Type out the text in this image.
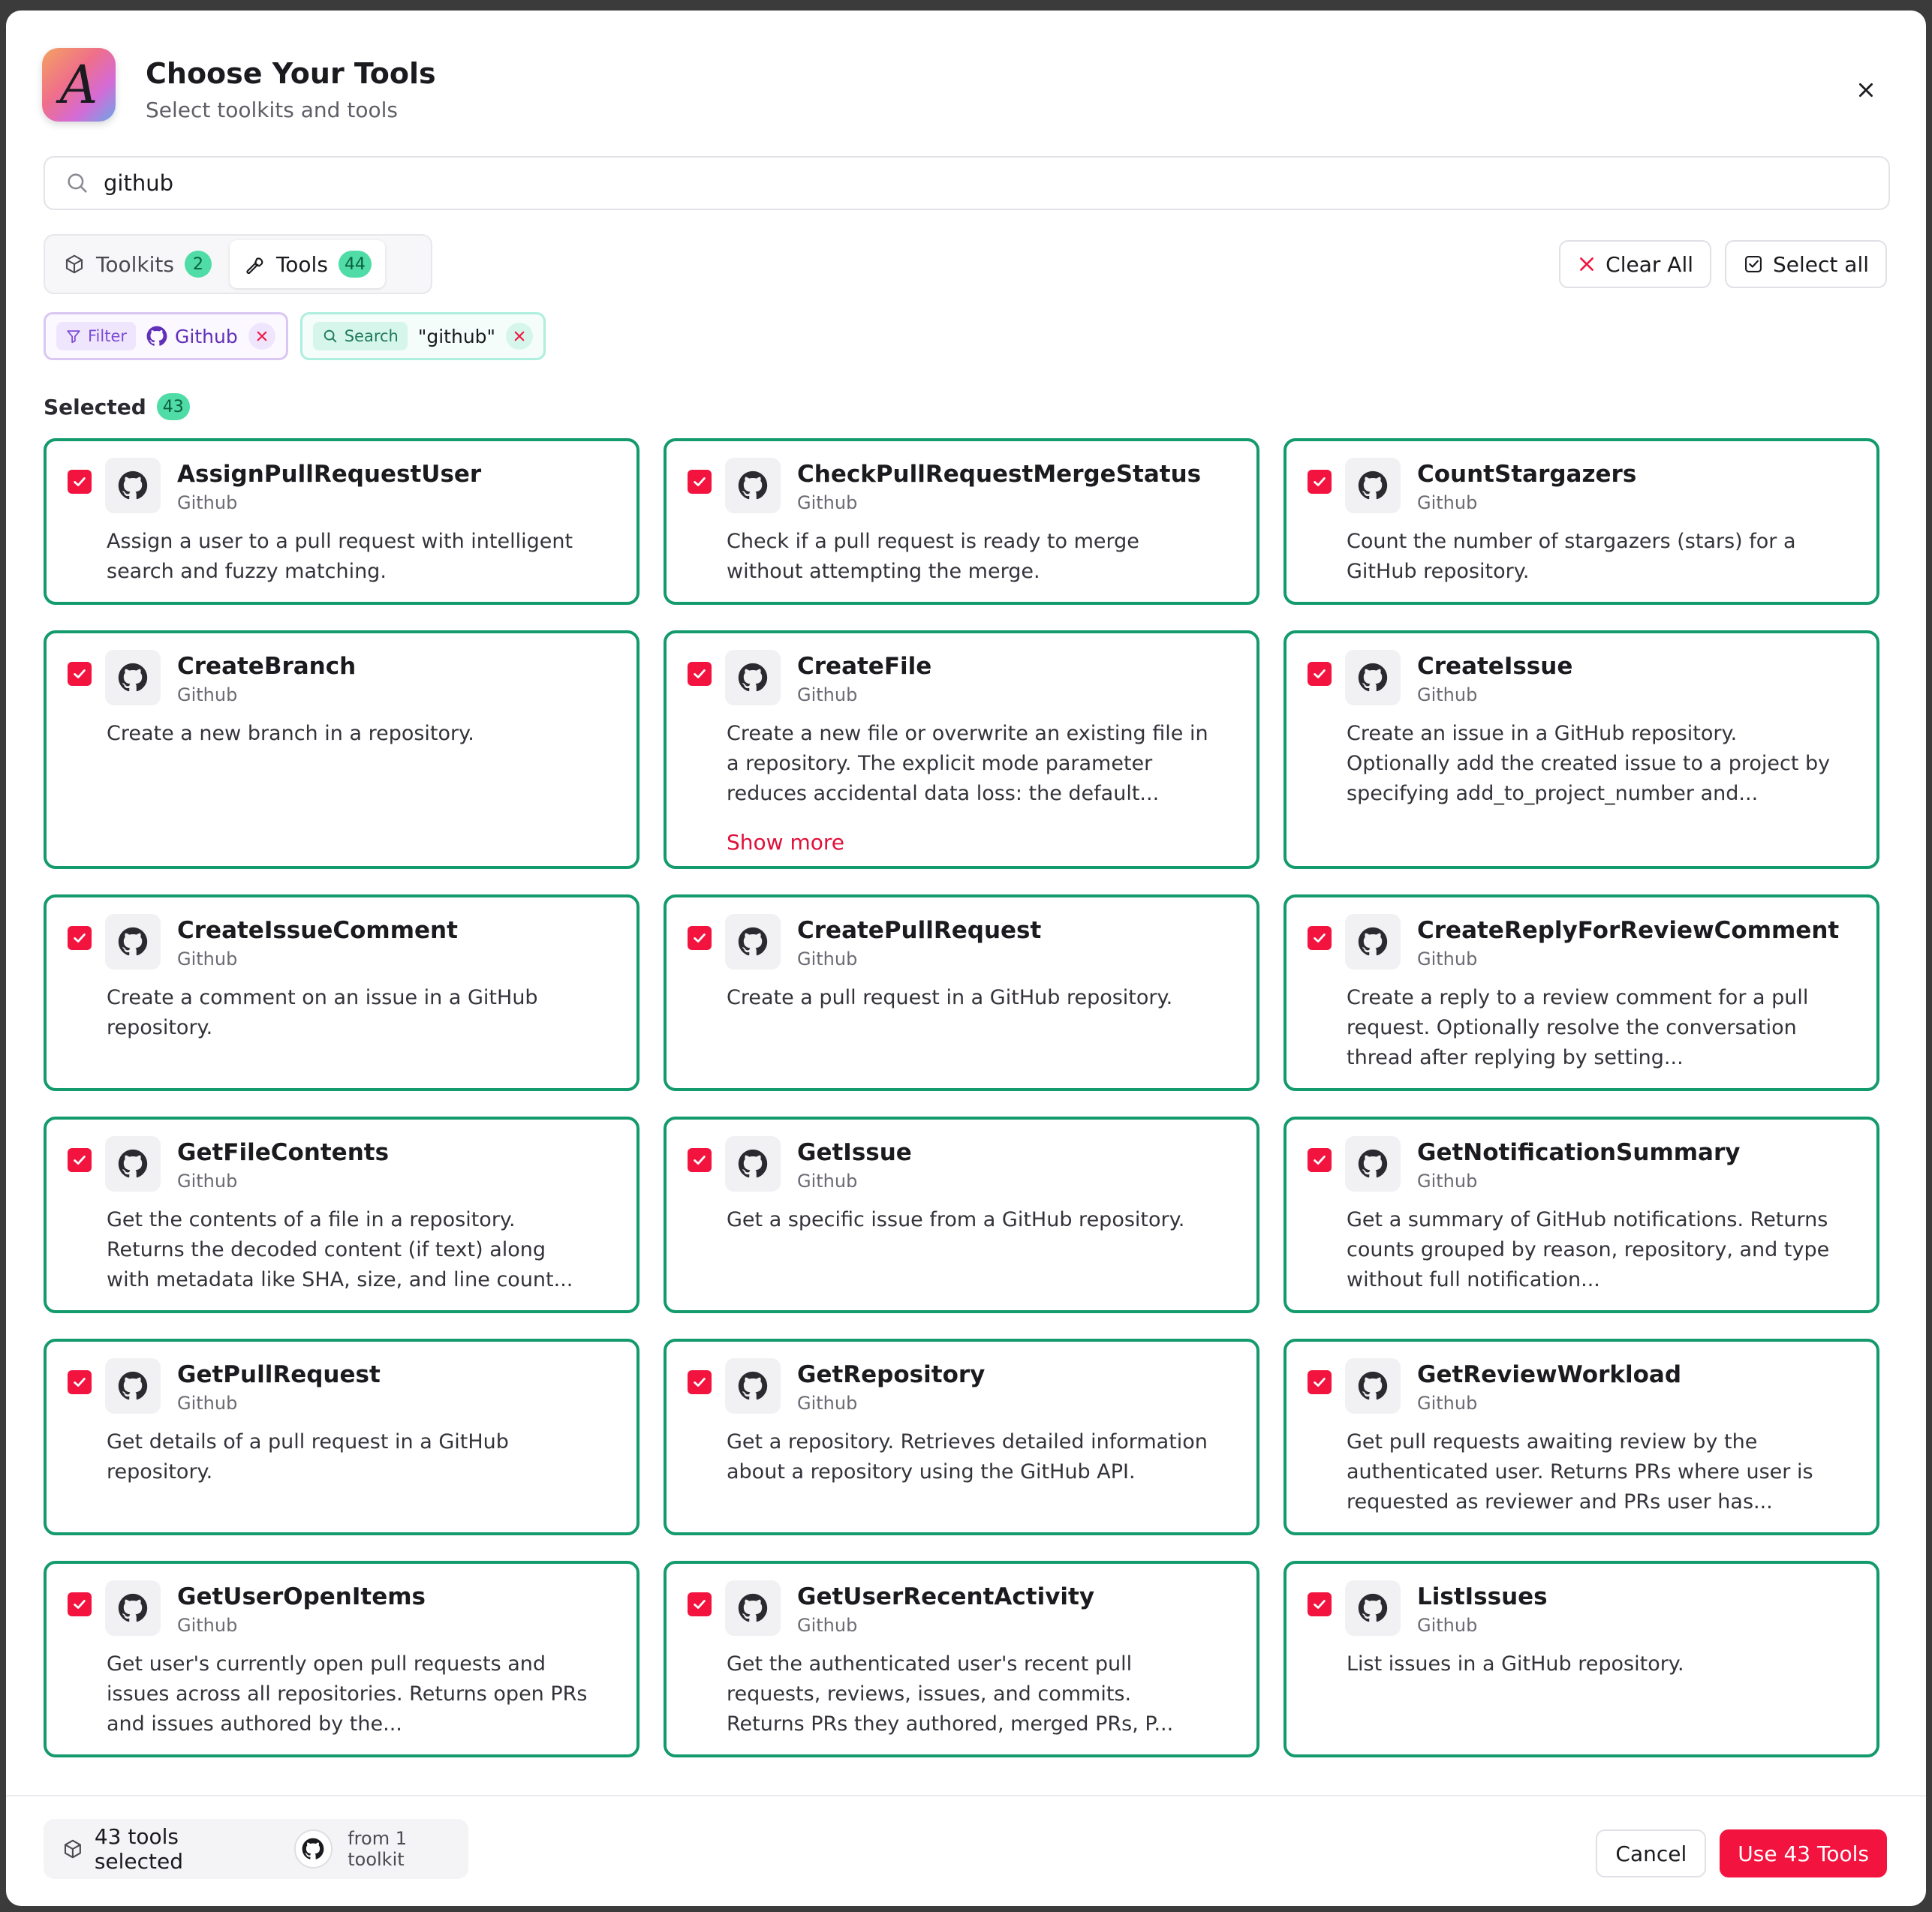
A Choose Your Tools
Select toolkits and tools
github
Toolkits	2	Tools	44	Clear All	Select all
Filter	Github	Search "github"
Selected	43
AssignPullRequestUser
Github
Assign a user to a pull request with intelligent search and fuzzy matching.
CheckPullRequestMergeStatus
Github
Check if a pull request is ready to merge without attempting the merge.
CountStargazers
Github
Count the number of stargazers (stars) for a GitHub repository.
CreateBranch
Github
Create a new branch in a repository.
CreateFile
Github
Create a new file or overwrite an existing file in a repository. The explicit mode parameter reduces accidental data loss: the default...
Show more
CreateIssue
Github
Create an issue in a GitHub repository. Optionally add the created issue to a project by specifying add_to_project_number and...
CreateIssueComment
Github
Create a comment on an issue in a GitHub repository.
CreatePullRequest
Github
Create a pull request in a GitHub repository.
CreateReplyForReviewComment
Github
Create a reply to a review comment for a pull request. Optionally resolve the conversation thread after replying by setting...
GetFileContents
Github
Get the contents of a file in a repository. Returns the decoded content (if text) along with metadata like SHA, size, and line count...
GetIssue
Github
Get a specific issue from a GitHub repository.
GetNotificationSummary
Github
Get a summary of GitHub notifications. Returns counts grouped by reason, repository, and type without full notification...
GetPullRequest
Github
Get details of a pull request in a GitHub repository.
GetRepository
Github
Get a repository. Retrieves detailed information about a repository using the GitHub API.
GetReviewWorkload
Github
Get pull requests awaiting review by the authenticated user. Returns PRs where user is requested as reviewer and PRs user has...
GetUserOpenItems
Github
Get user's currently open pull requests and issues across all repositories. Returns open PRs and issues authored by the...
GetUserRecentActivity
Github
Get the authenticated user's recent pull requests, reviews, issues, and commits. Returns PRs they authored, merged PRs, P...
ListIssues
Github
List issues in a GitHub repository.
43 tools selected
from 1 toolkit	Cancel	Use 43 Tools
